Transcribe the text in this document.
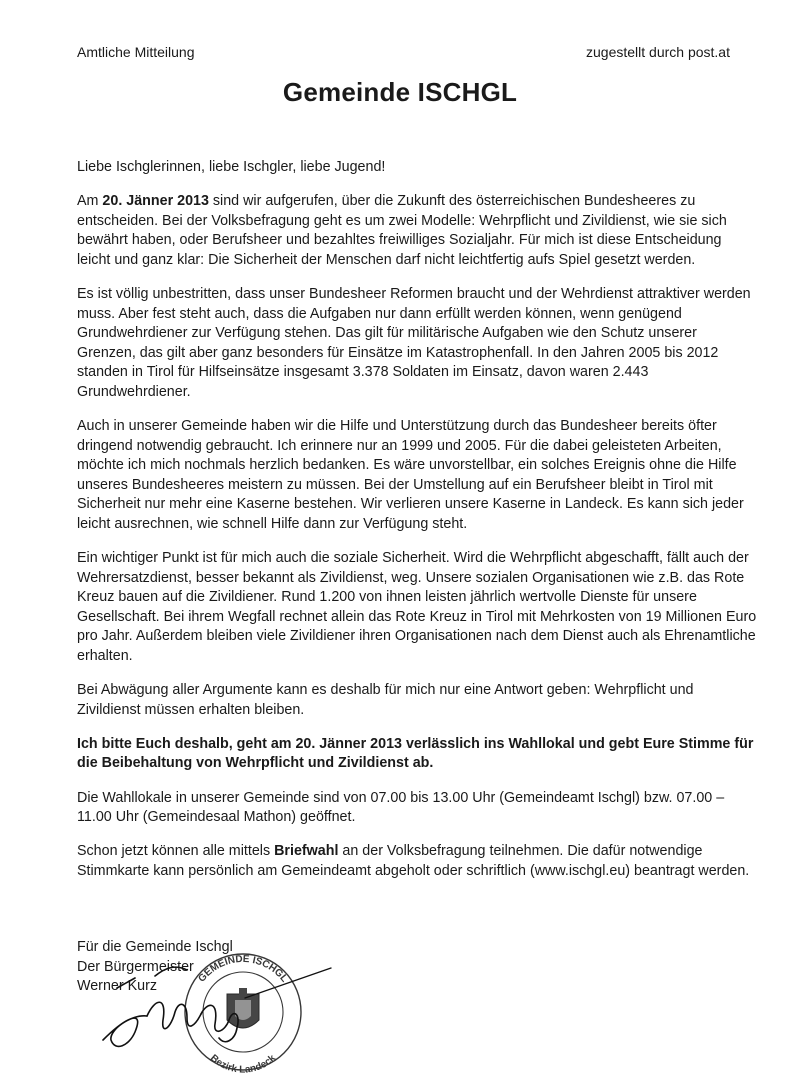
Amtliche Mitteilung	zugestellt durch post.at
Gemeinde ISCHGL

Liebe Ischglerinnen, liebe Ischgler, liebe Jugend!

Am 20. Jänner 2013 sind wir aufgerufen, über die Zukunft des österreichischen Bundesheeres zu entscheiden. Bei der Volksbefragung geht es um zwei Modelle: Wehrpflicht und Zivildienst, wie sie sich bewährt haben, oder Berufsheer und bezahltes freiwilliges Sozialjahr. Für mich ist diese Entscheidung leicht und ganz klar: Die Sicherheit der Menschen darf nicht leichtfertig aufs Spiel gesetzt werden.

Es ist völlig unbestritten, dass unser Bundesheer Reformen braucht und der Wehrdienst attraktiver werden muss. Aber fest steht auch, dass die Aufgaben nur dann erfüllt werden können, wenn genügend Grundwehrdiener zur Verfügung stehen. Das gilt für militärische Aufgaben wie den Schutz unserer Grenzen, das gilt aber ganz besonders für Einsätze im Katastrophenfall. In den Jahren 2005 bis 2012 standen in Tirol für Hilfseinsätze insgesamt 3.378 Soldaten im Einsatz, davon waren 2.443 Grundwehrdiener.

Auch in unserer Gemeinde haben wir die Hilfe und Unterstützung durch das Bundesheer bereits öfter dringend notwendig gebraucht. Ich erinnere nur an 1999 und 2005. Für die dabei geleisteten Arbeiten, möchte ich mich nochmals herzlich bedanken. Es wäre unvorstellbar, ein solches Ereignis ohne die Hilfe unseres Bundesheeres meistern zu müssen. Bei der Umstellung auf ein Berufsheer bleibt in Tirol mit Sicherheit nur mehr eine Kaserne bestehen. Wir verlieren unsere Kaserne in Landeck. Es kann sich jeder leicht ausrechnen, wie schnell Hilfe dann zur Verfügung steht.

Ein wichtiger Punkt ist für mich auch die soziale Sicherheit. Wird die Wehrpflicht abgeschafft, fällt auch der Wehrersatzdienst, besser bekannt als Zivildienst, weg. Unsere sozialen Organisationen wie z.B. das Rote Kreuz bauen auf die Zivildiener. Rund 1.200 von ihnen leisten jährlich wertvolle Dienste für unsere Gesellschaft. Bei ihrem Wegfall rechnet allein das Rote Kreuz in Tirol mit Mehrkosten von 19 Millionen Euro pro Jahr. Außerdem bleiben viele Zivildiener ihren Organisationen nach dem Dienst auch als Ehrenamtliche erhalten.

Bei Abwägung aller Argumente kann es deshalb für mich nur eine Antwort geben: Wehrpflicht und Zivildienst müssen erhalten bleiben.

Ich bitte Euch deshalb, geht am 20. Jänner 2013 verlässlich ins Wahllokal und gebt Eure Stimme für die Beibehaltung von Wehrpflicht und Zivildienst ab.

Die Wahllokale in unserer Gemeinde sind von 07.00 bis 13.00 Uhr (Gemeindeamt Ischgl) bzw. 07.00 – 11.00 Uhr (Gemeindesaal Mathon) geöffnet.

Schon jetzt können alle mittels Briefwahl an der Volksbefragung teilnehmen. Die dafür notwendige Stimmkarte kann persönlich am Gemeindeamt abgeholt oder schriftlich (www.ischgl.eu) beantragt werden.

Für die Gemeinde Ischgl
Der Bürgermeister
Werner Kurz
GEMEINDE ISCHGL
Bezirk Landeck
